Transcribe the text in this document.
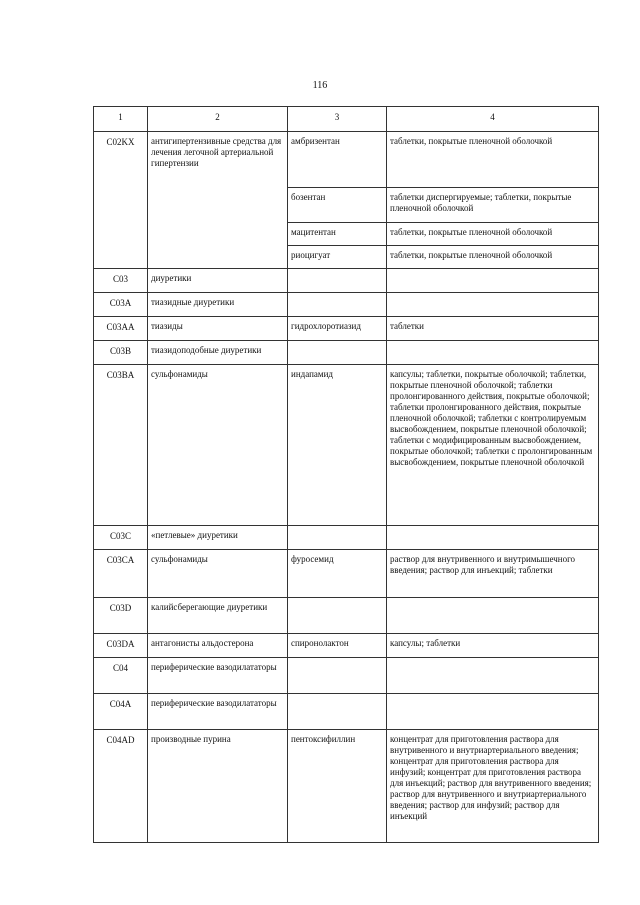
116
1	2	3	4
C02KX	антигипертензивные средства для лечения легочной артериальной гипертензии	амбризентан	таблетки, покрытые пленочной оболочкой
		бозентан	таблетки диспергируемые; таблетки, покрытые пленочной оболочкой
		мацитентан	таблетки, покрытые пленочной оболочкой
		риоцигуат	таблетки, покрытые пленочной оболочкой
C03	диуретики		
C03A	тиазидные диуретики		
C03AA	тиазиды	гидрохлоротиазид	таблетки
C03B	тиазидоподобные диуретики		
C03BA	сульфонамиды	индапамид	капсулы; таблетки, покрытые оболочкой; таблетки, покрытые пленочной оболочкой; таблетки пролонгированного действия, покрытые оболочкой; таблетки пролонгированного действия, покрытые пленочной оболочкой; таблетки с контролируемым высвобождением, покрытые пленочной оболочкой; таблетки с модифицированным высвобождением, покрытые оболочкой; таблетки с пролонгированным высвобождением, покрытые пленочной оболочкой
C03C	«петлевые» диуретики		
C03CA	сульфонамиды	фуросемид	раствор для внутривенного и внутримышечного введения; раствор для инъекций; таблетки
C03D	калийсберегающие диуретики		
C03DA	антагонисты альдостерона	спиронолактон	капсулы; таблетки
C04	периферические вазодилататоры		
C04A	периферические вазодилататоры		
C04AD	производные пурина	пентоксифиллин	концентрат для приготовления раствора для внутривенного и внутриартериального введения; концентрат для приготовления раствора для инфузий; концентрат для приготовления раствора для инъекций; раствор для внутривенного введения; раствор для внутривенного и внутриартериального введения; раствор для инфузий; раствор для инъекций
